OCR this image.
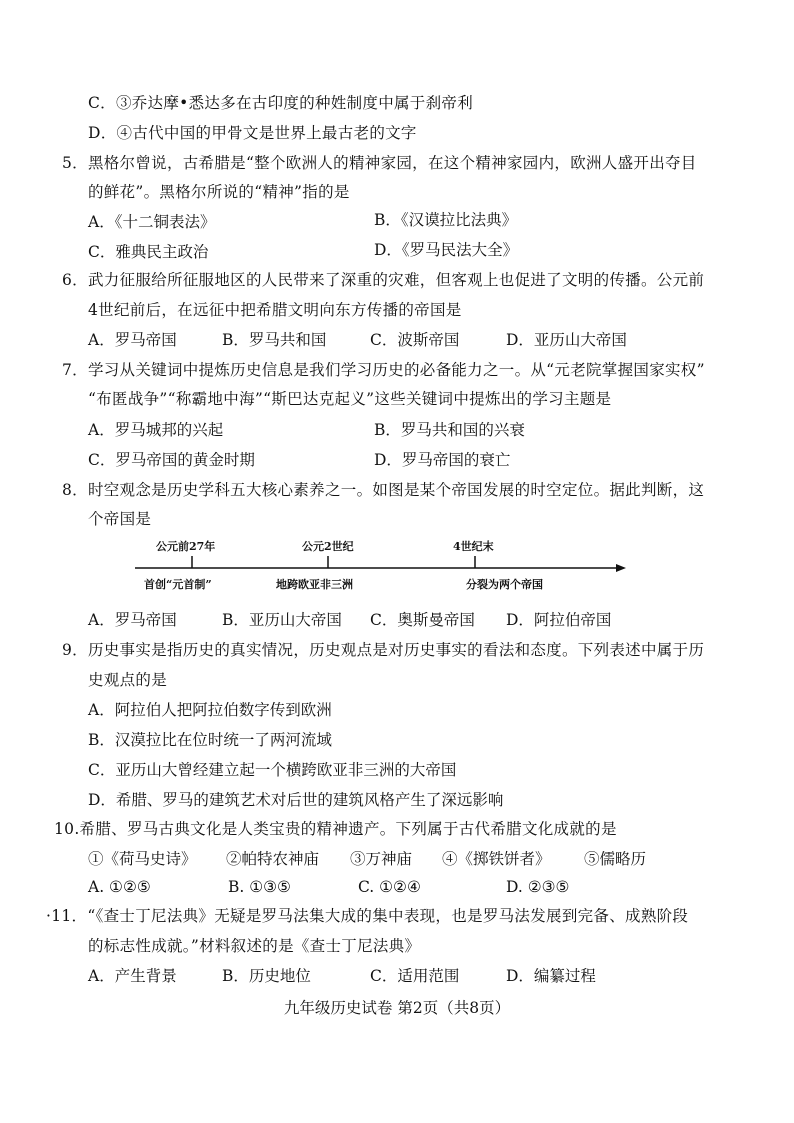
C．③乔达摩•悉达多在古印度的种姓制度中属于刹帝利
D．④古代中国的甲骨文是世界上最古老的文字
5．黑格尔曾说，古希腊是“整个欧洲人的精神家园，在这个精神家园内，欧洲人盛开出夺目
的鲜花”。黑格尔所说的“精神”指的是
A．《十二铜表法》	B．《汉谟拉比法典》
C．雅典民主政治	D．《罗马民法大全》
6．武力征服给所征服地区的人民带来了深重的灾难，但客观上也促进了文明的传播。公元前
4世纪前后，在远征中把希腊文明向东方传播的帝国是
A．罗马帝国	B．罗马共和国	C．波斯帝国	D．亚历山大帝国
7．学习从关键词中提炼历史信息是我们学习历史的必备能力之一。从“元老院掌握国家实权”
“布匿战争”“称霸地中海”“斯巴达克起义”这些关键词中提炼出的学习主题是
A．罗马城邦的兴起	B．罗马共和国的兴衰
C．罗马帝国的黄金时期	D．罗马帝国的衰亡
8．时空观念是历史学科五大核心素养之一。如图是某个帝国发展的时空定位。据此判断，这
个帝国是
公元前27年	公元2世纪	4世纪末
首创“元首制”	地跨欧亚非三洲	分裂为两个帝国
A．罗马帝国	B．亚历山大帝国 C．奥斯曼帝国 D．阿拉伯帝国
9．历史事实是指历史的真实情况，历史观点是对历史事实的看法和态度。下列表述中属于历
史观点的是
A．阿拉伯人把阿拉伯数字传到欧洲
B．汉漠拉比在位时统一了两河流域
C．亚历山大曾经建立起一个横跨欧亚非三洲的大帝国
D．希腊、罗马的建筑艺术对后世的建筑风格产生了深远影响
10.希腊、罗马古典文化是人类宝贵的精神遗产。下列属于古代希腊文化成就的是
①《荷马史诗》 ②帕特农神庙 ③万神庙 ④《掷铁饼者》 ⑤儒略历
A. ①②⑤	B. ①③⑤	C. ①②④	D. ②③⑤
·11．“《查士丁尼法典》无疑是罗马法集大成的集中表现，也是罗马法发展到完备、成熟阶段
的标志性成就。”材料叙述的是《查士丁尼法典》
A．产生背景	B．历史地位	C．适用范围	D．编纂过程
九年级历史试卷 第2页（共8页）
